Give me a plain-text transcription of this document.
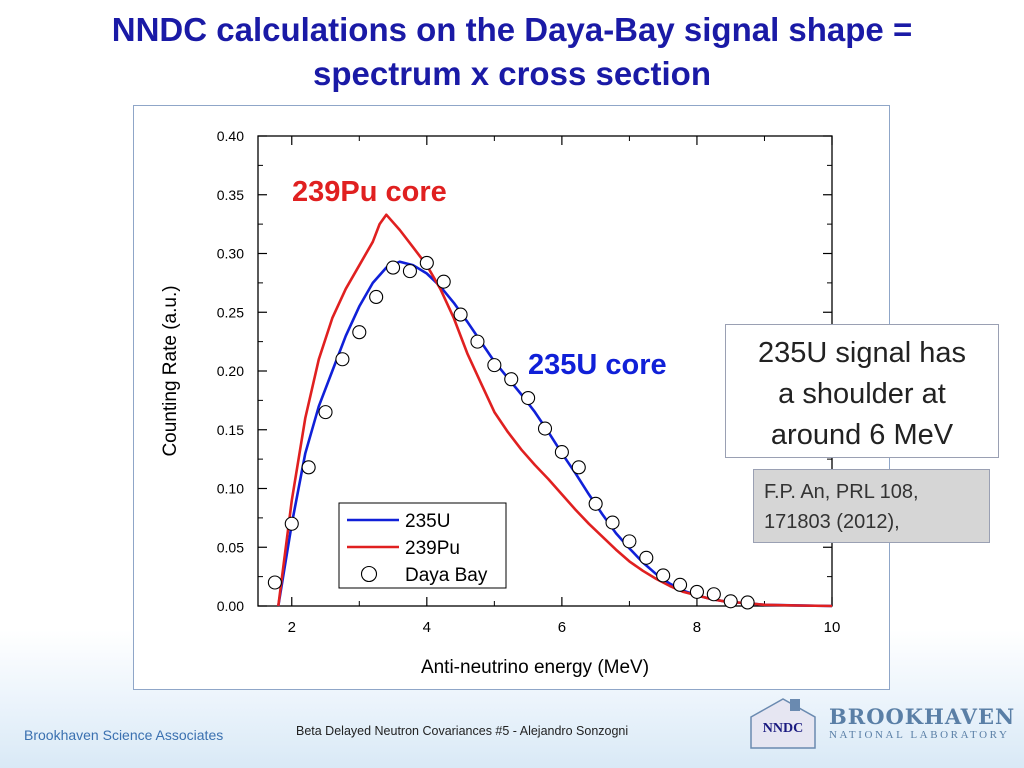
NNDC calculations on the Daya-Bay signal shape =
spectrum x cross section
0.00
0.05
0.10
0.15
0.20
0.25
0.30
0.35
0.40
2	4	6	8	10
Anti-neutrino energy (MeV)
Counting Rate (a.u.)
239Pu core
235U core
235U
239Pu
Daya Bay
235U signal has
a shoulder at
around 6 MeV
F.P. An, PRL 108,
171803 (2012),
Brookhaven Science Associates	Beta Delayed Neutron Covariances #5 - Alejandro Sonzogni	NNDC BROOKHAVEN
NATIONAL LABORATORY
